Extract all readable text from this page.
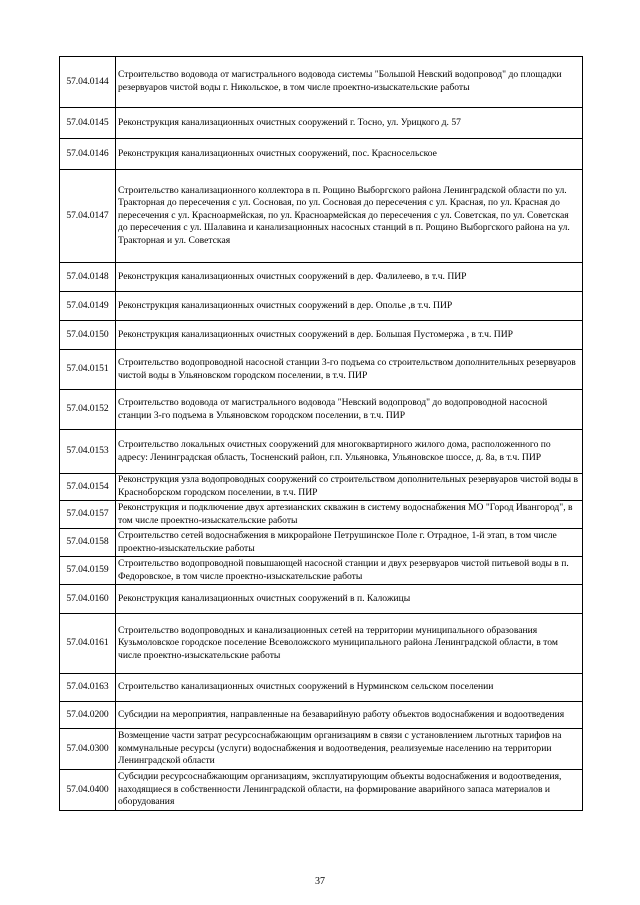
57.04.0144	Строительство водовода от магистрального водовода системы "Большой Невский водопровод" до площадки резервуаров чистой воды г. Никольское, в том числе проектно-изыскательские работы
57.04.0145	Реконструкция канализационных очистных сооружений г. Тосно, ул. Урицкого д. 57
57.04.0146	Реконструкция канализационных очистных сооружений, пос. Красносельское
57.04.0147	Строительство канализационного коллектора в п. Рощино Выборгского района Ленинградской области по ул. Тракторная до пересечения с ул. Сосновая, по ул. Сосновая до пересечения с ул. Красная, по ул. Красная до пересечения с ул. Красноармейская, по ул. Красноармейская до пересечения с ул. Советская, по ул. Советская до пересечения с ул. Шалавина и канализационных насосных станций в п. Рощино Выборгского района на ул. Тракторная и ул. Советская
57.04.0148	Реконструкция канализационных очистных сооружений в дер. Фалилеево, в т.ч. ПИР
57.04.0149	Реконструкция канализационных очистных сооружений в дер. Ополье ,в т.ч. ПИР
57.04.0150	Реконструкция канализационных очистных сооружений в дер. Большая Пустомержа , в т.ч. ПИР
57.04.0151	Строительство водопроводной насосной станции 3-го подъема со строительством дополнительных резервуаров чистой воды в Ульяновском городском поселении, в т.ч. ПИР
57.04.0152	Строительство водовода от магистрального водовода "Невский водопровод" до водопроводной насосной станции 3-го подъема в Ульяновском городском поселении, в т.ч. ПИР
57.04.0153	Строительство локальных очистных сооружений для многоквартирного жилого дома, расположенного по адресу: Ленинградская область, Тосненский район, г.п. Ульяновка, Ульяновское шоссе, д. 8а, в т.ч. ПИР
57.04.0154	Реконструкция узла водопроводных сооружений со строительством дополнительных резервуаров чистой воды в Красноборском городском поселении, в т.ч. ПИР
57.04.0157	Реконструкция и подключение двух артезианских скважин в систему водоснабжения МО "Город Ивангород", в том числе проектно-изыскательские работы
57.04.0158	Строительство сетей водоснабжения в микрорайоне Петрушинское Поле г. Отрадное, 1-й этап, в том числе проектно-изыскательские работы
57.04.0159	Строительство водопроводной повышающей насосной станции и двух резервуаров чистой питьевой воды в п. Федоровское, в том числе проектно-изыскательские работы
57.04.0160	Реконструкция канализационных очистных сооружений в п. Каложицы
57.04.0161	Строительство водопроводных и канализационных сетей на территории муниципального образования Кузьмоловское городское поселение Всеволожского муниципального района Ленинградской области, в том числе проектно-изыскательские работы
57.04.0163	Строительство канализационных очистных сооружений в Нурминском сельском поселении
57.04.0200	Субсидии на мероприятия, направленные на безаварийную работу объектов водоснабжения и водоотведения
57.04.0300	Возмещение части затрат ресурсоснабжающим организациям в связи с установлением льготных тарифов на коммунальные ресурсы (услуги) водоснабжения и водоотведения, реализуемые населению на территории Ленинградской области
57.04.0400	Субсидии ресурсоснабжающим организациям, эксплуатирующим объекты водоснабжения и водоотведения, находящиеся в собственности Ленинградской области, на формирование аварийного запаса материалов и оборудования
37
